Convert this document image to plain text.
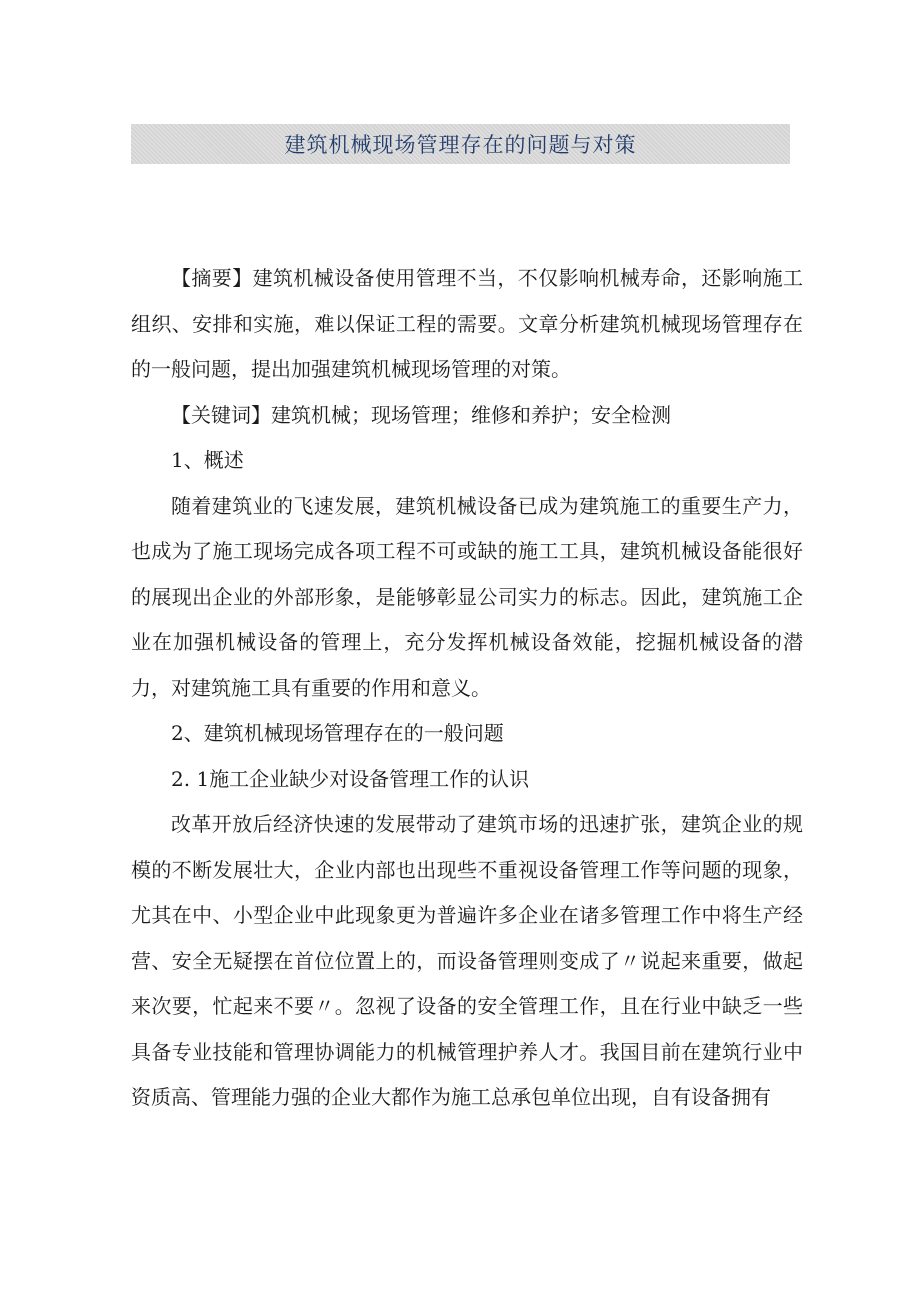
建筑机械现场管理存在的问题与对策

【摘要】建筑机械设备使用管理不当，不仅影响机械寿命，还影响施工组织、安排和实施，难以保证工程的需要。文章分析建筑机械现场管理存在的一般问题，提出加强建筑机械现场管理的对策。

【关键词】建筑机械；现场管理；维修和养护；安全检测

1、概述

随着建筑业的飞速发展，建筑机械设备已成为建筑施工的重要生产力，也成为了施工现场完成各项工程不可或缺的施工工具，建筑机械设备能很好的展现出企业的外部形象，是能够彰显公司实力的标志。因此，建筑施工企业在加强机械设备的管理上，充分发挥机械设备效能，挖掘机械设备的潜力，对建筑施工具有重要的作用和意义。

2、建筑机械现场管理存在的一般问题

2. 1施工企业缺少对设备管理工作的认识

改革开放后经济快速的发展带动了建筑市场的迅速扩张，建筑企业的规模的不断发展壮大，企业内部也出现些不重视设备管理工作等问题的现象，尤其在中、小型企业中此现象更为普遍许多企业在诸多管理工作中将生产经营、安全无疑摆在首位位置上的，而设备管理则变成了〃说起来重要，做起来次要，忙起来不要〃。忽视了设备的安全管理工作，且在行业中缺乏一些具备专业技能和管理协调能力的机械管理护养人才。我国目前在建筑行业中资质高、管理能力强的企业大都作为施工总承包单位出现，自有设备拥有
